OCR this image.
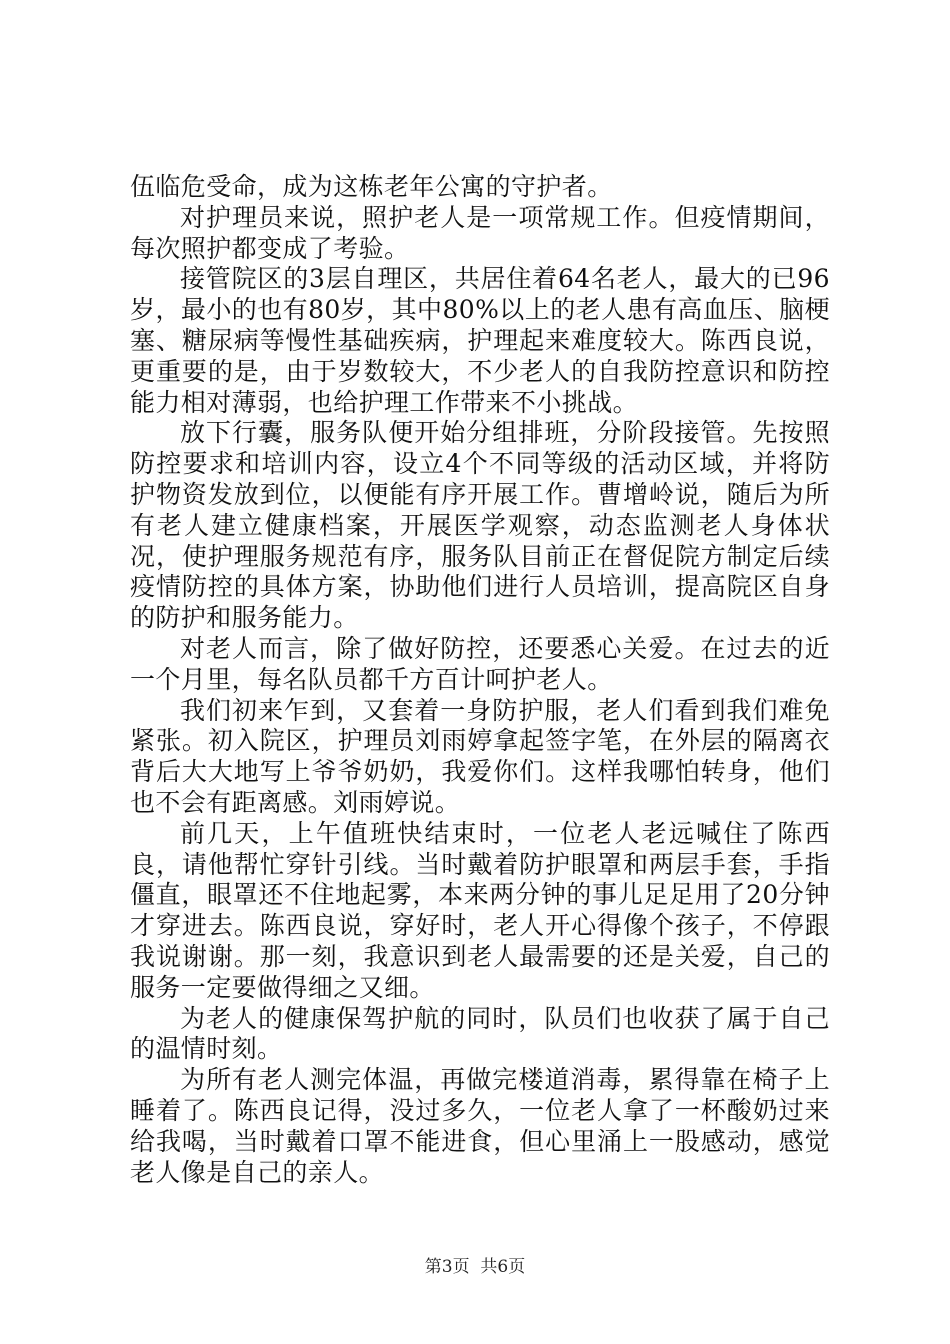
伍临危受命，成为这栋老年公寓的守护者。

对护理员来说，照护老人是一项常规工作。但疫情期间，每次照护都变成了考验。

接管院区的3层自理区，共居住着64名老人，最大的已96岁，最小的也有80岁，其中80%以上的老人患有高血压、脑梗塞、糖尿病等慢性基础疾病，护理起来难度较大。陈西良说，更重要的是，由于岁数较大，不少老人的自我防控意识和防控能力相对薄弱，也给护理工作带来不小挑战。

放下行囊，服务队便开始分组排班，分阶段接管。先按照防控要求和培训内容，设立4个不同等级的活动区域，并将防护物资发放到位，以便能有序开展工作。曹增岭说，随后为所有老人建立健康档案，开展医学观察，动态监测老人身体状况，使护理服务规范有序，服务队目前正在督促院方制定后续疫情防控的具体方案，协助他们进行人员培训，提高院区自身的防护和服务能力。

对老人而言，除了做好防控，还要悉心关爱。在过去的近一个月里，每名队员都千方百计呵护老人。

我们初来乍到，又套着一身防护服，老人们看到我们难免紧张。初入院区，护理员刘雨婷拿起签字笔，在外层的隔离衣背后大大地写上爷爷奶奶，我爱你们。这样我哪怕转身，他们也不会有距离感。刘雨婷说。

前几天，上午值班快结束时，一位老人老远喊住了陈西良，请他帮忙穿针引线。当时戴着防护眼罩和两层手套，手指僵直，眼罩还不住地起雾，本来两分钟的事儿足足用了20分钟才穿进去。陈西良说，穿好时，老人开心得像个孩子，不停跟我说谢谢。那一刻，我意识到老人最需要的还是关爱，自己的服务一定要做得细之又细。

为老人的健康保驾护航的同时，队员们也收获了属于自己的温情时刻。

为所有老人测完体温，再做完楼道消毒，累得靠在椅子上睡着了。陈西良记得，没过多久，一位老人拿了一杯酸奶过来给我喝，当时戴着口罩不能进食，但心里涌上一股感动，感觉老人像是自己的亲人。

第3页  共6页
